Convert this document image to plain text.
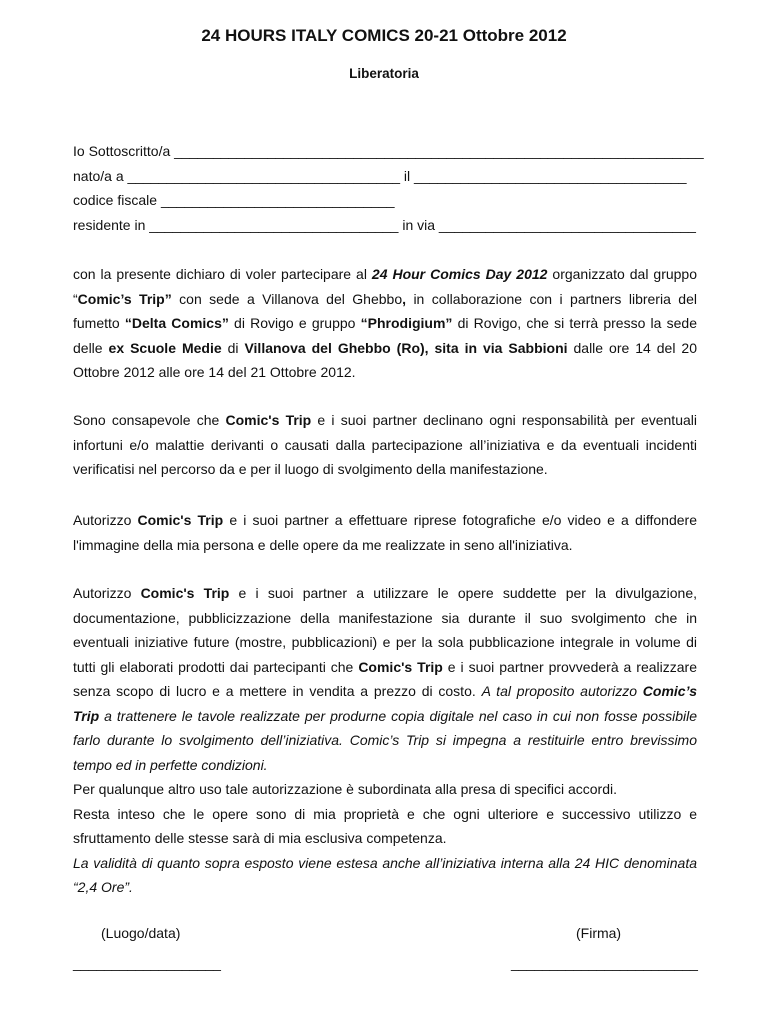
24 HOURS ITALY COMICS 20-21 Ottobre 2012
Liberatoria
Io Sottoscritto/a ____________________________________________________________________
nato/a a ___________________________________ il ___________________________________
codice fiscale ______________________________
residente in ________________________________ in via _________________________________
con la presente dichiaro di voler partecipare al 24 Hour Comics Day 2012 organizzato dal gruppo
“Comic’s Trip” con sede a Villanova del Ghebbo, in collaborazione con i partners libreria del
fumetto “Delta Comics” di Rovigo e gruppo “Phrodigium” di Rovigo, che si terrà presso la sede
delle ex Scuole Medie di Villanova del Ghebbo (Ro), sita in via Sabbioni dalle ore 14 del 20
Ottobre 2012 alle ore 14 del 21 Ottobre 2012.
Sono consapevole che Comic's Trip e i suoi partner declinano ogni responsabilità per eventuali
infortuni e/o malattie derivanti o causati dalla partecipazione all’iniziativa e da eventuali incidenti
verificatisi nel percorso da e per il luogo di svolgimento della manifestazione.
Autorizzo Comic's Trip e i suoi partner a effettuare riprese fotografiche e/o video e a diffondere
l'immagine della mia persona e delle opere da me realizzate in seno all'iniziativa.
Autorizzo Comic's Trip e i suoi partner a utilizzare le opere suddette per la divulgazione,
documentazione, pubblicizzazione della manifestazione sia durante il suo svolgimento che in
eventuali iniziative future (mostre, pubblicazioni) e per la sola pubblicazione integrale in volume di
tutti gli elaborati prodotti dai partecipanti che Comic's Trip e i suoi partner provvederà a realizzare
senza scopo di lucro e a mettere in vendita a prezzo di costo. A tal proposito autorizzo Comic’s
Trip a trattenere le tavole realizzate per produrne copia digitale nel caso in cui non fosse possibile
farlo durante lo svolgimento dell’iniziativa. Comic’s Trip si impegna a restituirle entro brevissimo
tempo ed in perfette condizioni.
Per qualunque altro uso tale autorizzazione è subordinata alla presa di specifici accordi.
Resta inteso che le opere sono di mia proprietà e che ogni ulteriore e successivo utilizzo e
sfruttamento delle stesse sarà di mia esclusiva competenza.
La validità di quanto sopra esposto viene estesa anche all’iniziativa interna alla 24 HIC denominata
“2,4 Ore”.
(Luogo/data)	(Firma)
___________________	________________________
